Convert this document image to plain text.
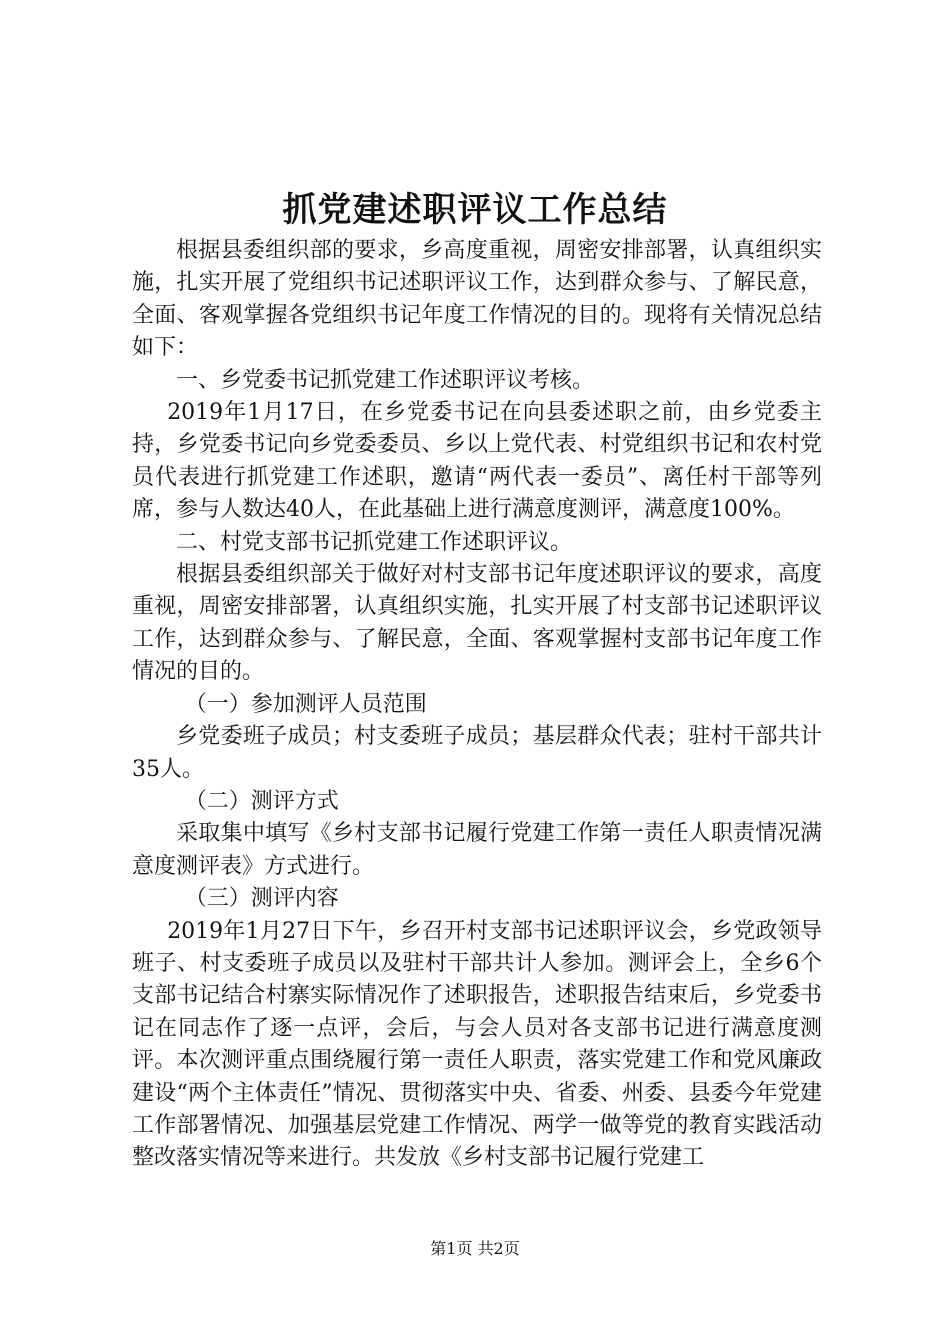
抓党建述职评议工作总结

根据县委组织部的要求，乡高度重视，周密安排部署，认真组织实施，扎实开展了党组织书记述职评议工作，达到群众参与、了解民意，全面、客观掌握各党组织书记年度工作情况的目的。现将有关情况总结如下：

一、乡党委书记抓党建工作述职评议考核。

2019年1月17日，在乡党委书记在向县委述职之前，由乡党委主持，乡党委书记向乡党委委员、乡以上党代表、村党组织书记和农村党员代表进行抓党建工作述职，邀请“两代表一委员”、离任村干部等列席，参与人数达40人，在此基础上进行满意度测评，满意度100%。

二、村党支部书记抓党建工作述职评议。

根据县委组织部关于做好对村支部书记年度述职评议的要求，高度重视，周密安排部署，认真组织实施，扎实开展了村支部书记述职评议工作，达到群众参与、了解民意，全面、客观掌握村支部书记年度工作情况的目的。

（一）参加测评人员范围

乡党委班子成员；村支委班子成员；基层群众代表；驻村干部共计35人。

（二）测评方式

采取集中填写《乡村支部书记履行党建工作第一责任人职责情况满意度测评表》方式进行。

（三）测评内容

2019年1月27日下午，乡召开村支部书记述职评议会，乡党政领导班子、村支委班子成员以及驻村干部共计人参加。测评会上，全乡6个支部书记结合村寨实际情况作了述职报告，述职报告结束后，乡党委书记在同志作了逐一点评，会后，与会人员对各支部书记进行满意度测评。本次测评重点围绕履行第一责任人职责，落实党建工作和党风廉政建设“两个主体责任”情况、贯彻落实中央、省委、州委、县委今年党建工作部署情况、加强基层党建工作情况、两学一做等党的教育实践活动整改落实情况等来进行。共发放《乡村支部书记履行党建工

第1页 共2页
